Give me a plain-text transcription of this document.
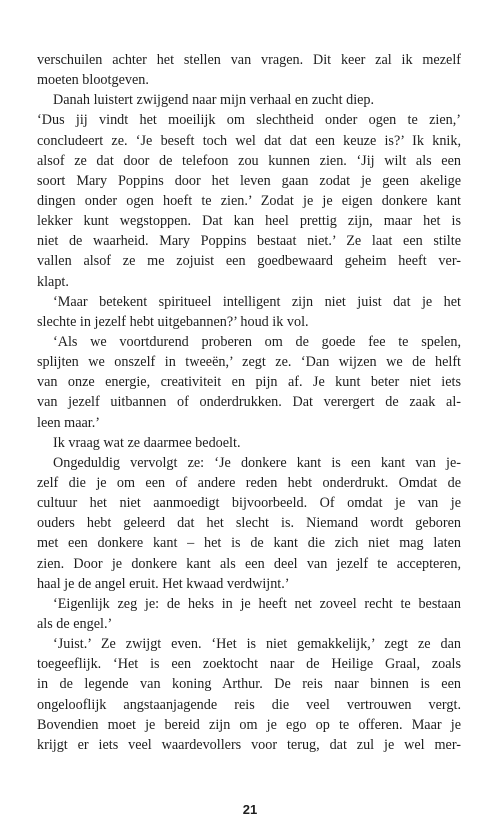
verschuilen achter het stellen van vragen. Dit keer zal ik mezelf
moeten blootgeven.
Danah luistert zwijgend naar mijn verhaal en zucht diep.
‘Dus jij vindt het moeilijk om slechtheid onder ogen te zien,’
concludeert ze. ‘Je beseft toch wel dat dat een keuze is?’ Ik knik,
alsof ze dat door de telefoon zou kunnen zien. ‘Jij wilt als een
soort Mary Poppins door het leven gaan zodat je geen akelige
dingen onder ogen hoeft te zien.’ Zodat je je eigen donkere kant
lekker kunt wegstoppen. Dat kan heel prettig zijn, maar het is
niet de waarheid. Mary Poppins bestaat niet.’ Ze laat een stilte
vallen alsof ze me zojuist een goedbewaard geheim heeft ver-
klapt.
‘Maar betekent spiritueel intelligent zijn niet juist dat je het
slechte in jezelf hebt uitgebannen?’ houd ik vol.
‘Als we voortdurend proberen om de goede fee te spelen,
splijten we onszelf in tweeën,’ zegt ze. ‘Dan wijzen we de helft
van onze energie, creativiteit en pijn af. Je kunt beter niet iets
van jezelf uitbannen of onderdrukken. Dat verergert de zaak al-
leen maar.’
Ik vraag wat ze daarmee bedoelt.
Ongeduldig vervolgt ze: ‘Je donkere kant is een kant van je-
zelf die je om een of andere reden hebt onderdrukt. Omdat de
cultuur het niet aanmoedigt bijvoorbeeld. Of omdat je van je
ouders hebt geleerd dat het slecht is. Niemand wordt geboren
met een donkere kant – het is de kant die zich niet mag laten
zien. Door je donkere kant als een deel van jezelf te accepteren,
haal je de angel eruit. Het kwaad verdwijnt.’
‘Eigenlijk zeg je: de heks in je heeft net zoveel recht te bestaan
als de engel.’
‘Juist.’ Ze zwijgt even. ‘Het is niet gemakkelijk,’ zegt ze dan
toegeeflijk. ‘Het is een zoektocht naar de Heilige Graal, zoals
in de legende van koning Arthur. De reis naar binnen is een
ongelooflijk angstaanjagende reis die veel vertrouwen vergt.
Bovendien moet je bereid zijn om je ego op te offeren. Maar je
krijgt er iets veel waardevollers voor terug, dat zul je wel mer-
21
